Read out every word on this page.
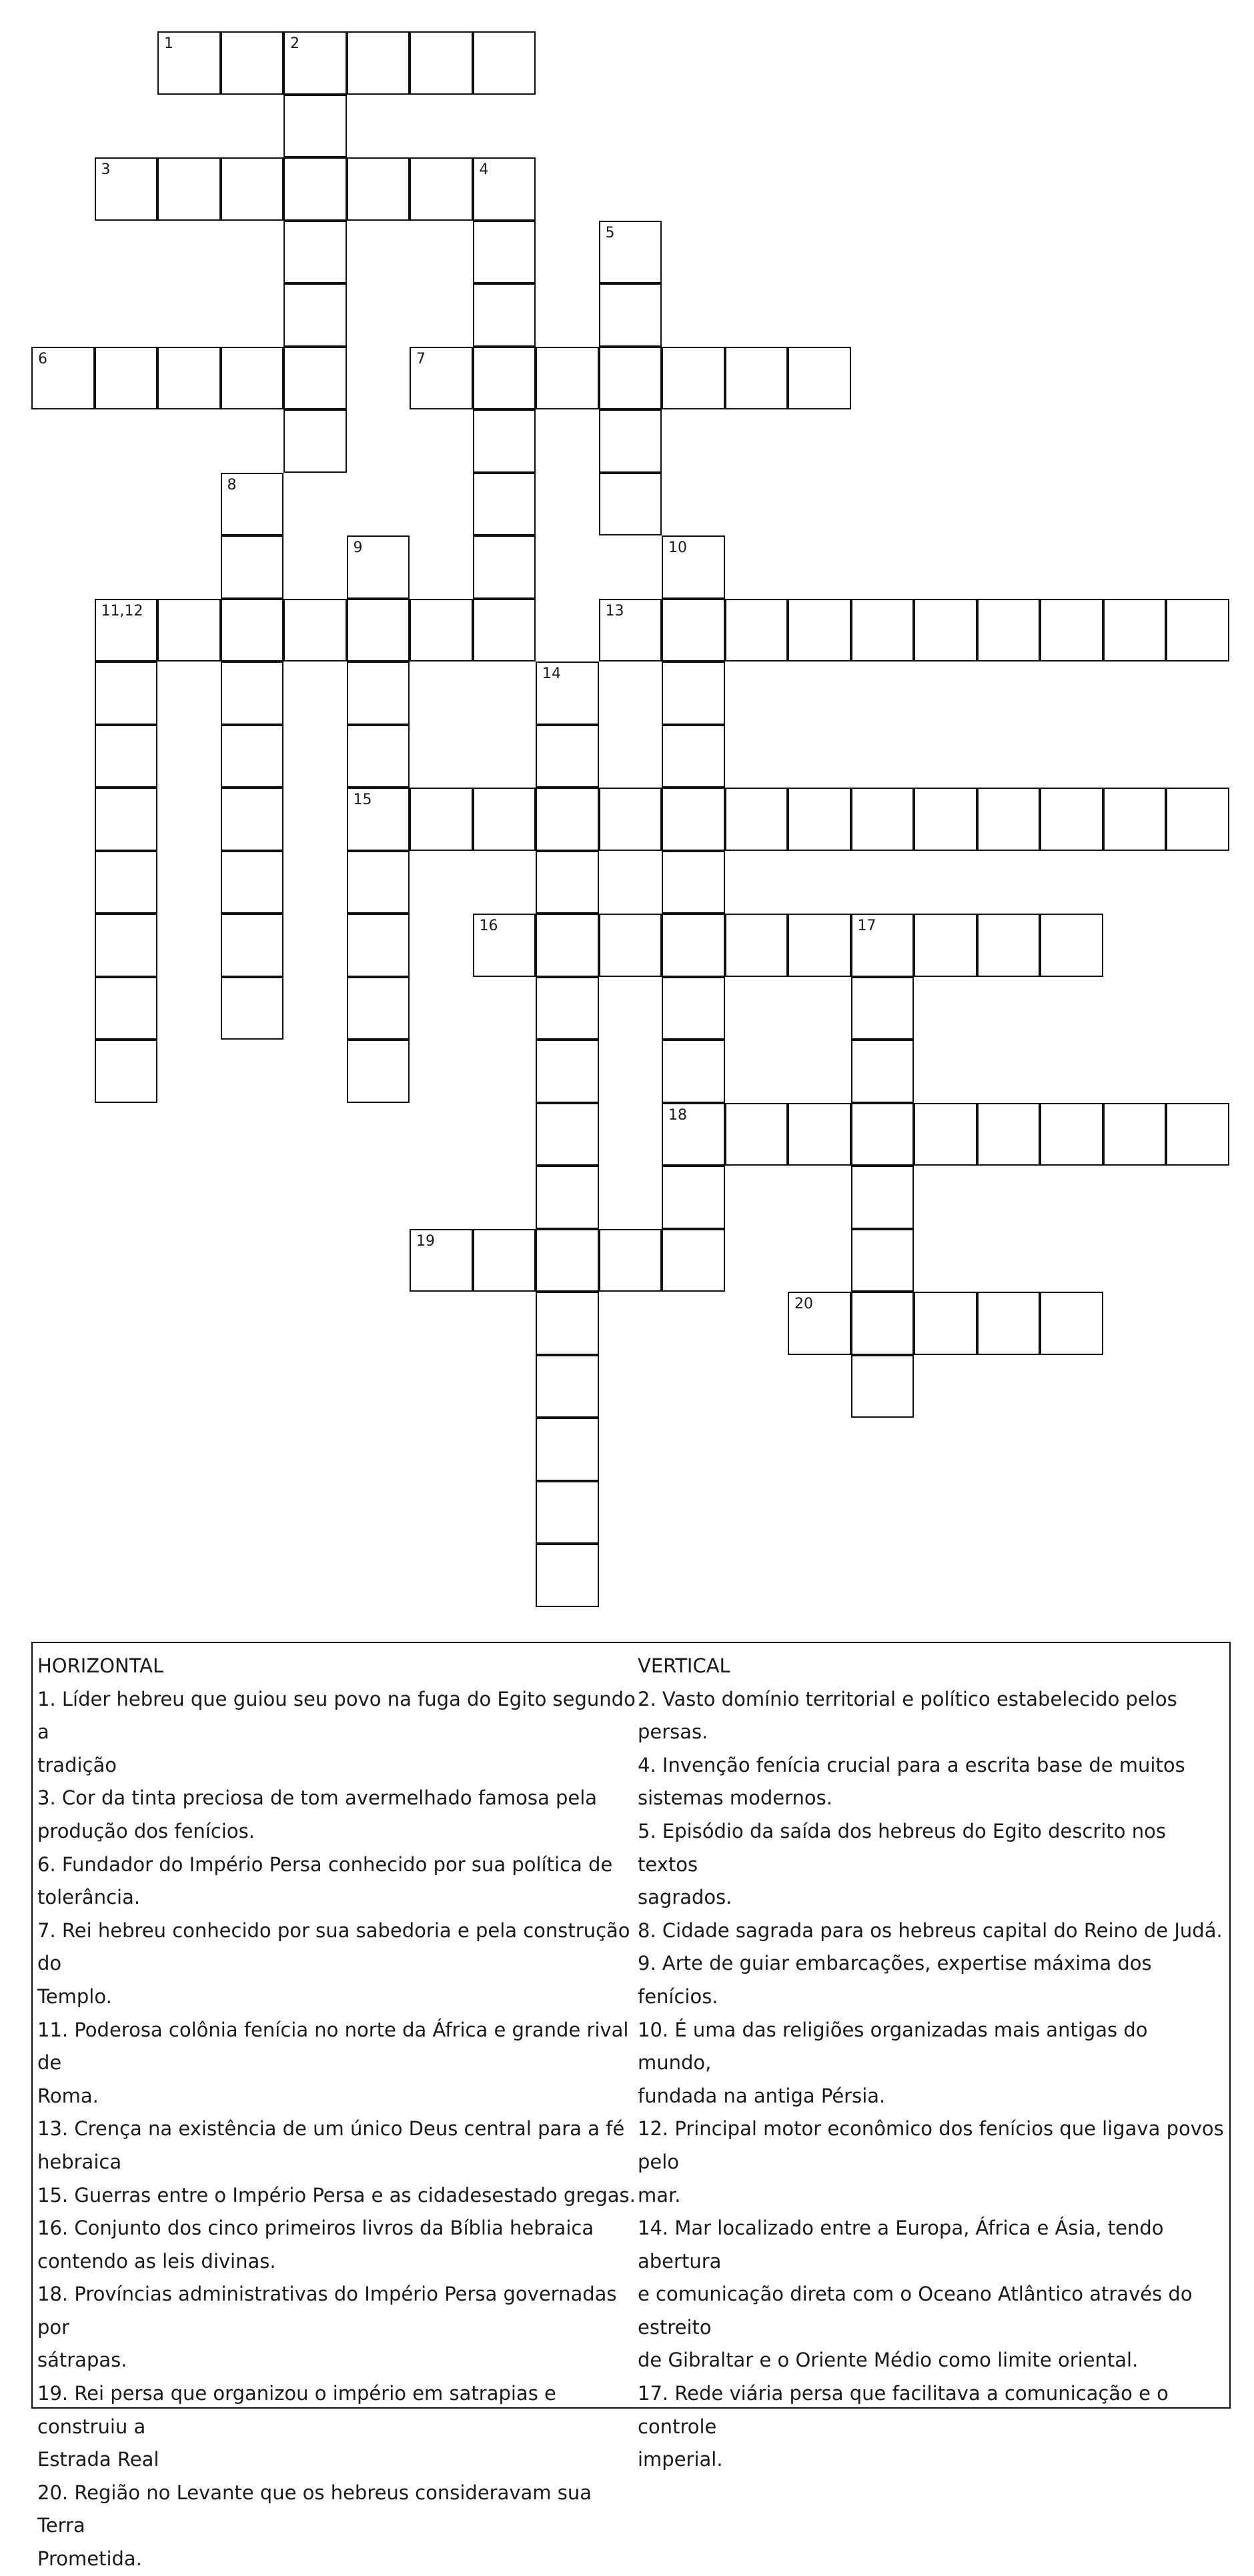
1	2
3	4
5
6	7
8
9
15
10
18
11,12	13
14
16	17
19
20

HORIZONTAL

1. Líder hebreu que guiou seu povo na fuga do Egito segundo a

tradição

3. Cor da tinta preciosa de tom avermelhado famosa pela

produção dos fenícios.

6. Fundador do Império Persa conhecido por sua política de

tolerância.

7. Rei hebreu conhecido por sua sabedoria e pela construção do

Templo.

11. Poderosa colônia fenícia no norte da África e grande rival de

Roma.

13. Crença na existência de um único Deus central para a fé

hebraica

15. Guerras entre o Império Persa e as cidadesestado gregas.

16. Conjunto dos cinco primeiros livros da Bíblia hebraica

contendo as leis divinas.

18. Províncias administrativas do Império Persa governadas por

sátrapas.

19. Rei persa que organizou o império em satrapias e construiu a

Estrada Real

20. Região no Levante que os hebreus consideravam sua Terra

Prometida.

VERTICAL

2. Vasto domínio territorial e político estabelecido pelos persas.

4. Invenção fenícia crucial para a escrita base de muitos

sistemas modernos.

5. Episódio da saída dos hebreus do Egito descrito nos textos

sagrados.

8. Cidade sagrada para os hebreus capital do Reino de Judá.

9. Arte de guiar embarcações, expertise máxima dos fenícios.

10. É uma das religiões organizadas mais antigas do mundo,

fundada na antiga Pérsia.

12. Principal motor econômico dos fenícios que ligava povos pelo

mar.

14. Mar localizado entre a Europa, África e Ásia, tendo abertura

e comunicação direta com o Oceano Atlântico através do estreito

de Gibraltar e o Oriente Médio como limite oriental.

17. Rede viária persa que facilitava a comunicação e o controle

imperial.
